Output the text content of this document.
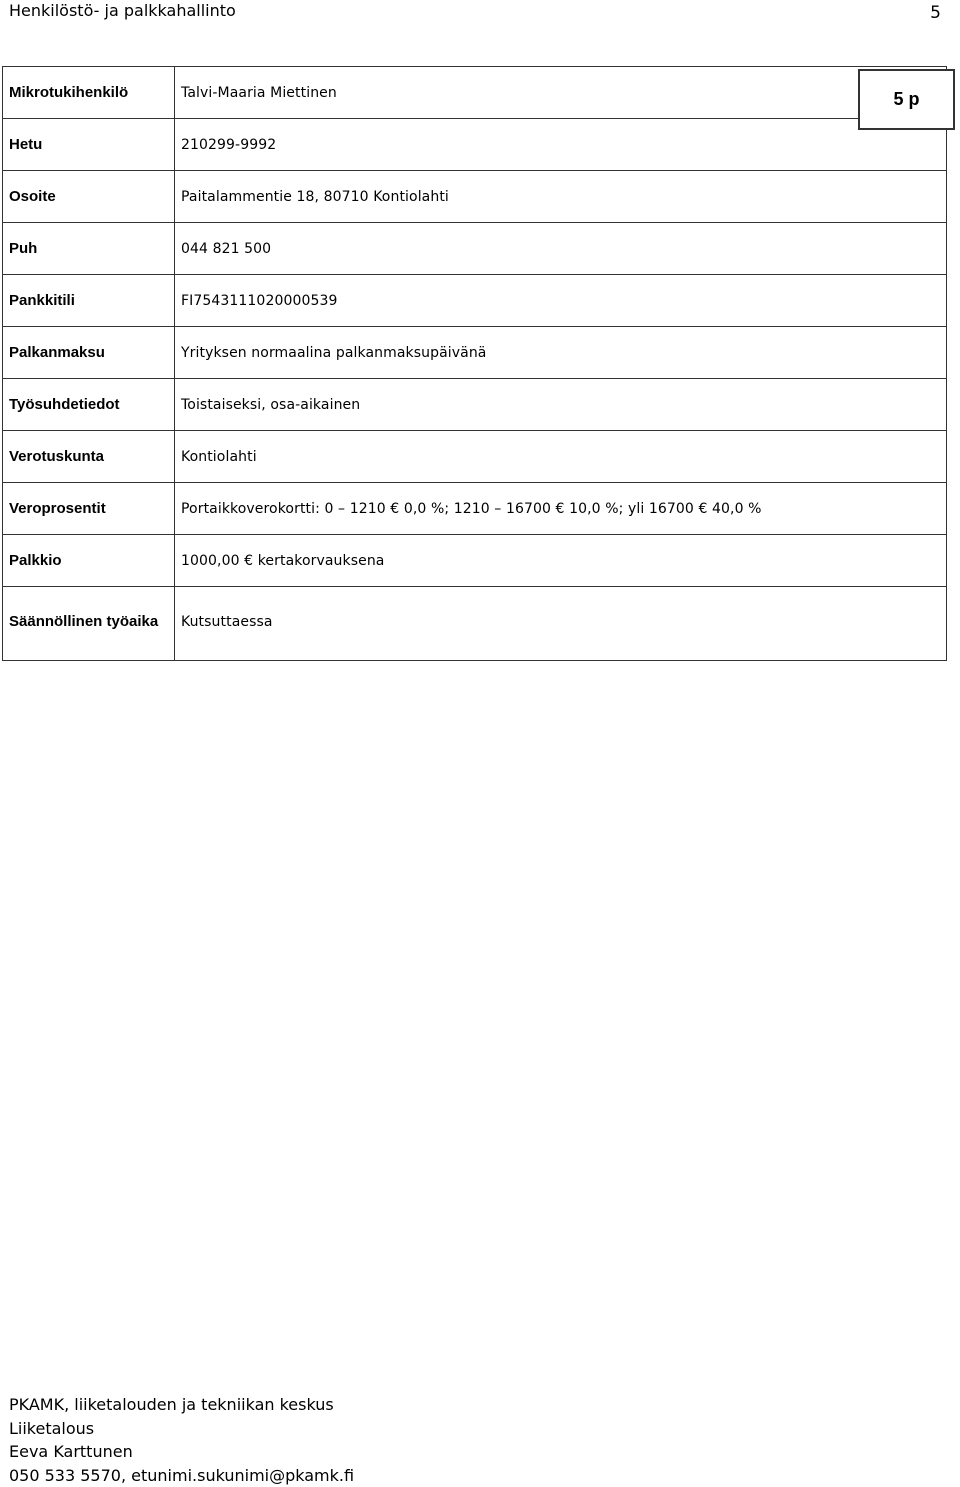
Henkilöstö- ja palkkahallinto	5
Mikrotukihenkilö	Talvi-Maaria Miettinen
Hetu	210299-9992
Osoite	Paitalammentie 18, 80710 Kontiolahti
Puh	044 821 500
Pankkitili	FI7543111020000539
Palkanmaksu	Yrityksen normaalina palkanmaksupäivänä
Työsuhdetiedot	Toistaiseksi, osa-aikainen
Verotuskunta	Kontiolahti
Veroprosentit	Portaikkoverokortti: 0 – 1210 € 0,0 %; 1210 – 16700 € 10,0 %; yli 16700 € 40,0 %
Palkkio	1000,00 € kertakorvauksena
Säännöllinen työaika	Kutsuttaessa
5 p
PKAMK, liiketalouden ja tekniikan keskus
Liiketalous
Eeva Karttunen
050 533 5570, etunimi.sukunimi@pkamk.fi
